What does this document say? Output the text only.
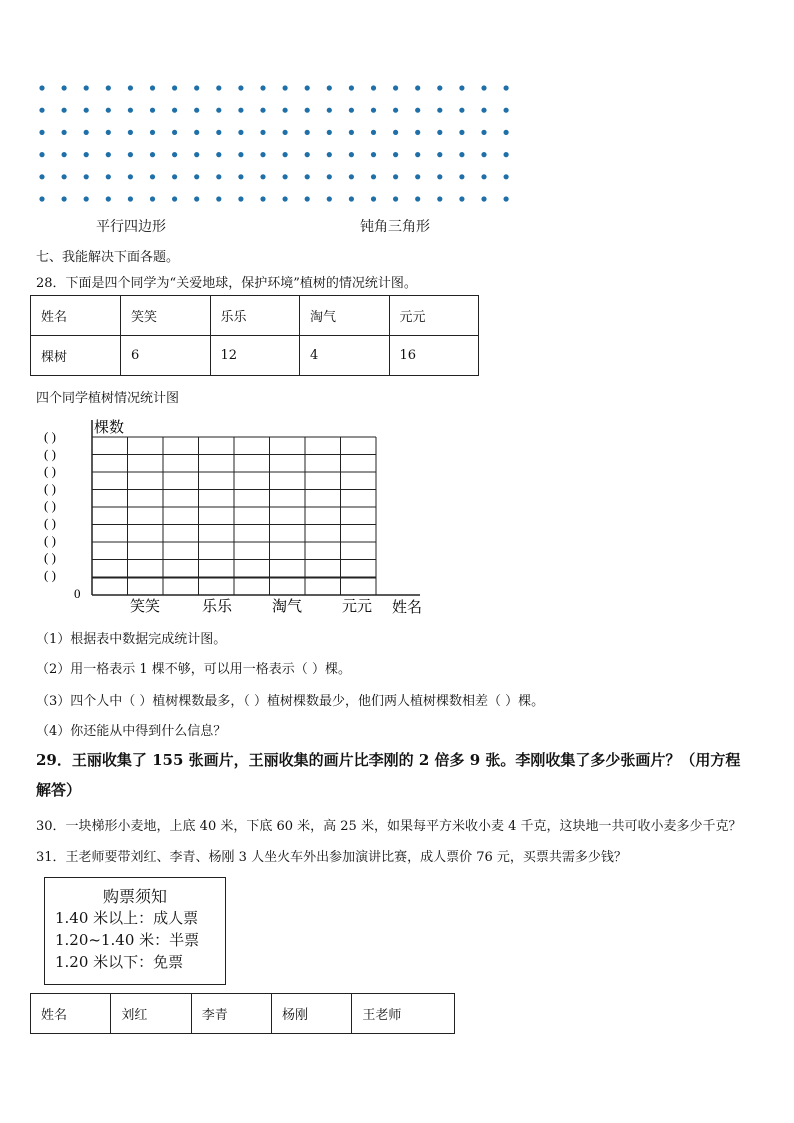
平行四边形	钝角三角形
七、我能解决下面各题。
28．下面是四个同学为“关爱地球，保护环境”植树的情况统计图。
姓名	笑笑	乐乐	淘气	元元
棵树	6	12	4	16
四个同学植树情况统计图
( )
( )
( )
( )
( )
( )
( )
( )
( )
棵数
0
姓名
笑笑	乐乐	淘气	元元
（1）根据表中数据完成统计图。
（2）用一格表示 1 棵不够，可以用一格表示（ ）棵。
（3）四个人中（ ）植树棵数最多，（ ）植树棵数最少，他们两人植树棵数相差（ ）棵。
（4）你还能从中得到什么信息？
29．王丽收集了 155 张画片，王丽收集的画片比李刚的 2 倍多 9 张。李刚收集了多少张画片？（用方程
解答）
30．一块梯形小麦地，上底 40 米，下底 60 米，高 25 米，如果每平方米收小麦 4 千克，这块地一共可收小麦多少千克？
31．王老师要带刘红、李青、杨刚 3 人坐火车外出参加演讲比赛，成人票价 76 元，买票共需多少钱？
购票须知
1.40 米以上：成人票
1.20~1.40 米：半票
1.20 米以下：免票
姓名	刘红	李青	杨刚	王老师
